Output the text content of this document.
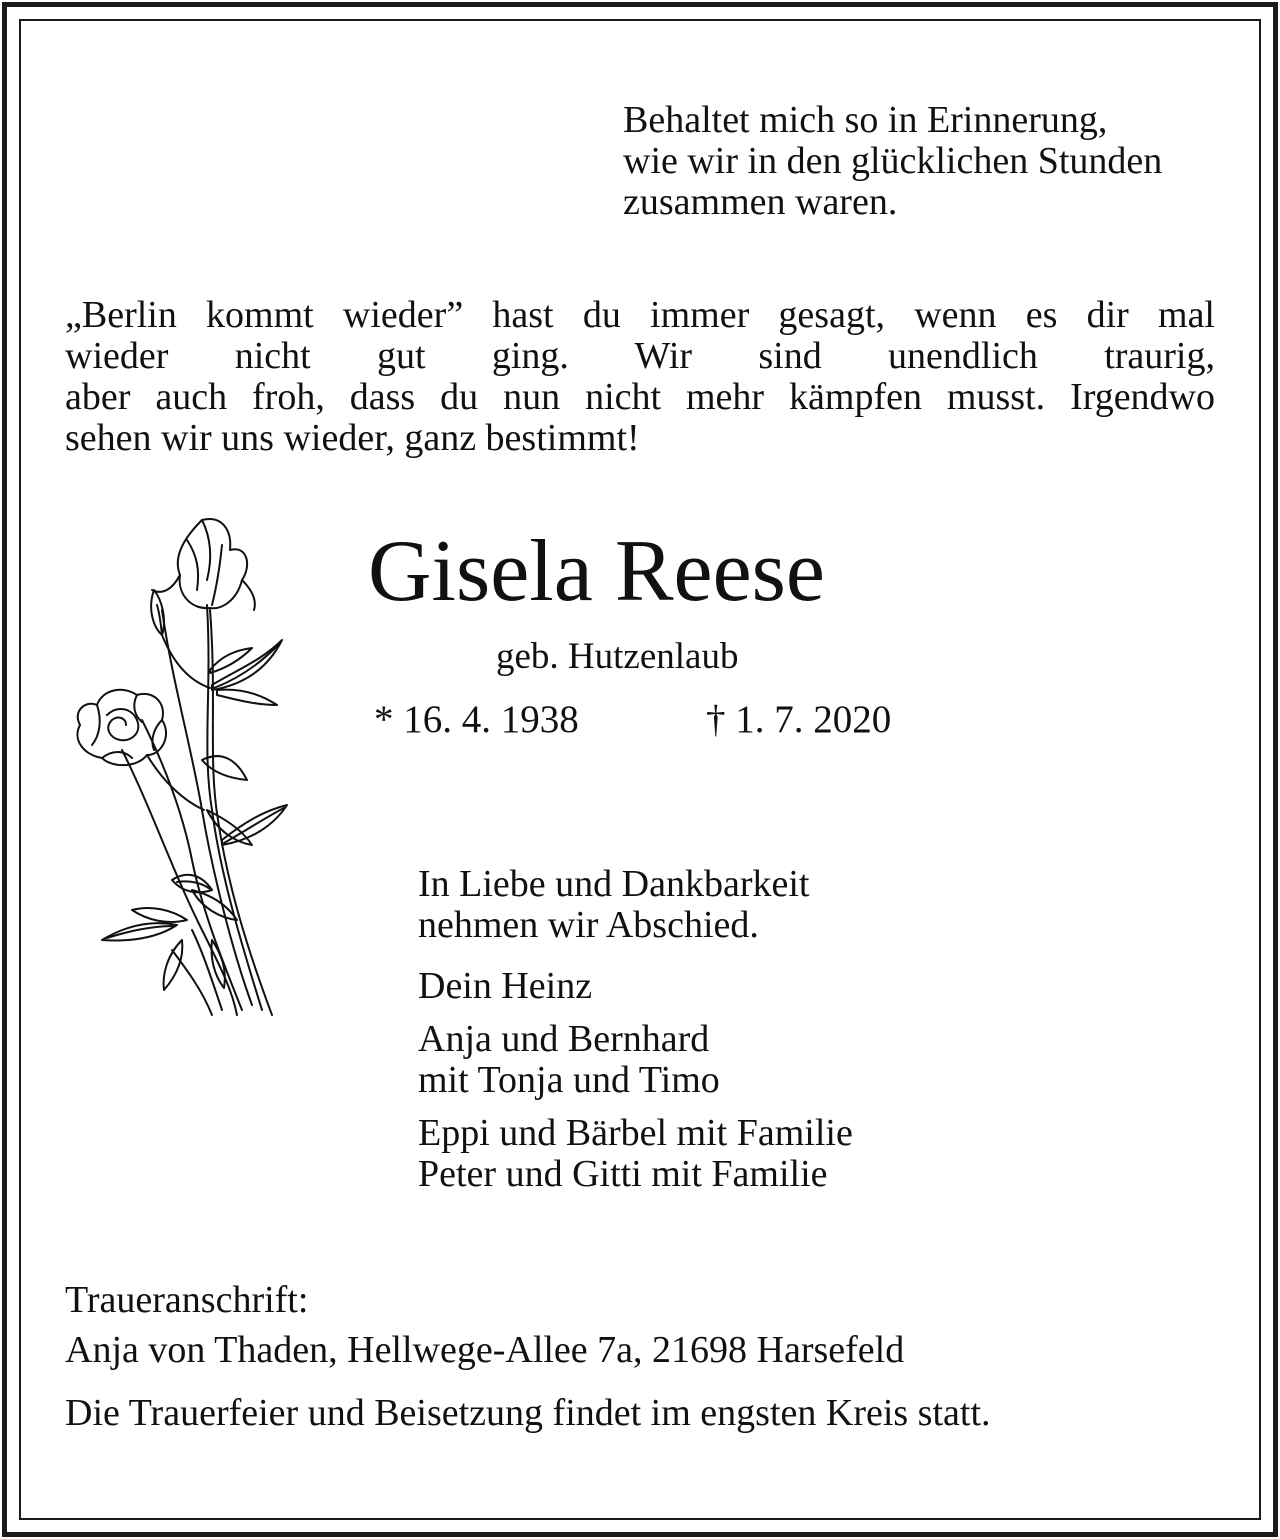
Behaltet mich so in Erinnerung,
wie wir in den glücklichen Stunden
zusammen waren.
„Berlin kommt wieder” hast du immer gesagt, wenn es dir mal
wieder nicht gut ging. Wir sind unendlich traurig,
aber auch froh, dass du nun nicht mehr kämpfen musst. Irgendwo
sehen wir uns wieder, ganz bestimmt!
Gisela Reese
geb. Hutzenlaub
* 16. 4. 1938	† 1. 7. 2020
In Liebe und Dankbarkeit
nehmen wir Abschied.
Dein Heinz
Anja und Bernhard
mit Tonja und Timo
Eppi und Bärbel mit Familie
Peter und Gitti mit Familie
Traueranschrift:
Anja von Thaden, Hellwege-Allee 7a, 21698 Harsefeld
Die Trauerfeier und Beisetzung findet im engsten Kreis statt.
